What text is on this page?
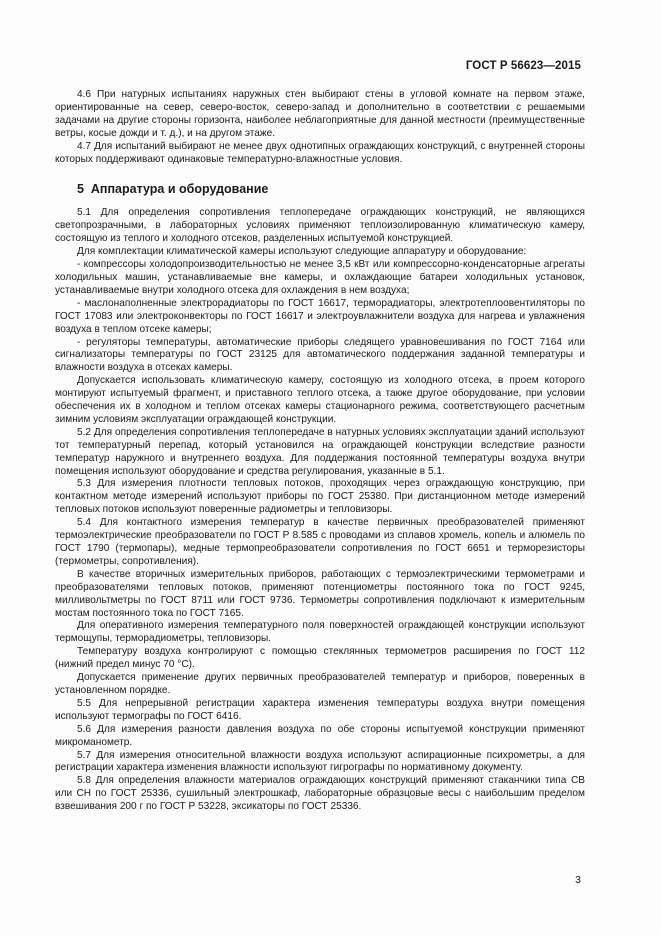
ГОСТ Р 56623—2015

4.6 При натурных испытаниях наружных стен выбирают стены в угловой комнате на первом этаже, ориентированные на север, северо-восток, северо-запад и дополнительно в соответствии с решаемыми задачами на другие стороны горизонта, наиболее неблагоприятные для данной местности (преимущественные ветры, косые дожди и т. д.), и на другом этаже.

4.7 Для испытаний выбирают не менее двух однотипных ограждающих конструкций, с внутренней стороны которых поддерживают одинаковые температурно-влажностные условия.

5 Аппаратура и оборудование

5.1 Для определения сопротивления теплопередаче ограждающих конструкций, не являющихся светопрозрачными, в лабораторных условиях применяют теплоизолированную климатическую камеру, состоящую из теплого и холодного отсеков, разделенных испытуемой конструкцией.

Для комплектации климатической камеры используют следующие аппаратуру и оборудование:

- компрессоры холодопроизводительностью не менее 3,5 кВт или компрессорно-конденсаторные агрегаты холодильных машин, устанавливаемые вне камеры, и охлаждающие батареи холодильных установок, устанавливаемые внутри холодного отсека для охлаждения в нем воздуха;

- маслонаполненные электрорадиаторы по ГОСТ 16617, терморадиаторы, электротеплоовентиляторы по ГОСТ 17083 или электроконвекторы по ГОСТ 16617 и электроувлажнители воздуха для нагрева и увлажнения воздуха в теплом отсеке камеры;

- регуляторы температуры, автоматические приборы следящего уравновешивания по ГОСТ 7164 или сигнализаторы температуры по ГОСТ 23125 для автоматического поддержания заданной температуры и влажности воздуха в отсеках камеры.

Допускается использовать климатическую камеру, состоящую из холодного отсека, в проем которого монтируют испытуемый фрагмент, и приставного теплого отсека, а также другое оборудование, при условии обеспечения их в холодном и теплом отсеках камеры стационарного режима, соответствующего расчетным зимним условиям эксплуатации ограждающей конструкции.

5.2 Для определения сопротивления теплопередаче в натурных условиях эксплуатации зданий используют тот температурный перепад, который установился на ограждающей конструкции вследствие разности температур наружного и внутреннего воздуха. Для поддержания постоянной температуры воздуха внутри помещения используют оборудование и средства регулирования, указанные в 5.1.

5.3 Для измерения плотности тепловых потоков, проходящих через ограждающую конструкцию, при контактном методе измерений используют приборы по ГОСТ 25380. При дистанционном методе измерений тепловых потоков используют поверенные радиометры и тепловизоры.

5.4 Для контактного измерения температур в качестве первичных преобразователей применяют термоэлектрические преобразователи по ГОСТ Р 8.585 с проводами из сплавов хромель, копель и алюмель по ГОСТ 1790 (термопары), медные термопреобразователи сопротивления по ГОСТ 6651 и терморезисторы (термометры, сопротивления).

В качестве вторичных измерительных приборов, работающих с термоэлектрическими термометрами и преобразователями тепловых потоков, применяют потенциометры постоянного тока по ГОСТ 9245, милливольтметры по ГОСТ 8711 или ГОСТ 9736. Термометры сопротивления подключают к измерительным мостам постоянного тока по ГОСТ 7165.

Для оперативного измерения температурного поля поверхностей ограждающей конструкции используют термощупы, терморадиометры, тепловизоры.

Температуру воздуха контролируют с помощью стеклянных термометров расширения по ГОСТ 112 (нижний предел минус 70 °С).

Допускается применение других первичных преобразователей температур и приборов, поверенных в установленном порядке.

5.5 Для непрерывной регистрации характера изменения температуры воздуха внутри помещения используют термографы по ГОСТ 6416.

5.6 Для измерения разности давления воздуха по обе стороны испытуемой конструкции применяют микроманометр.

5.7 Для измерения относительной влажности воздуха используют аспирационные психрометры, а для регистрации характера изменения влажности используют гигрографы по нормативному документу.

5.8 Для определения влажности материалов ограждающих конструкций применяют стаканчики типа СВ или СН по ГОСТ 25336, сушильный электрошкаф, лабораторные образцовые весы с наибольшим пределом взвешивания 200 г по ГОСТ Р 53228, эксикаторы по ГОСТ 25336.

3
